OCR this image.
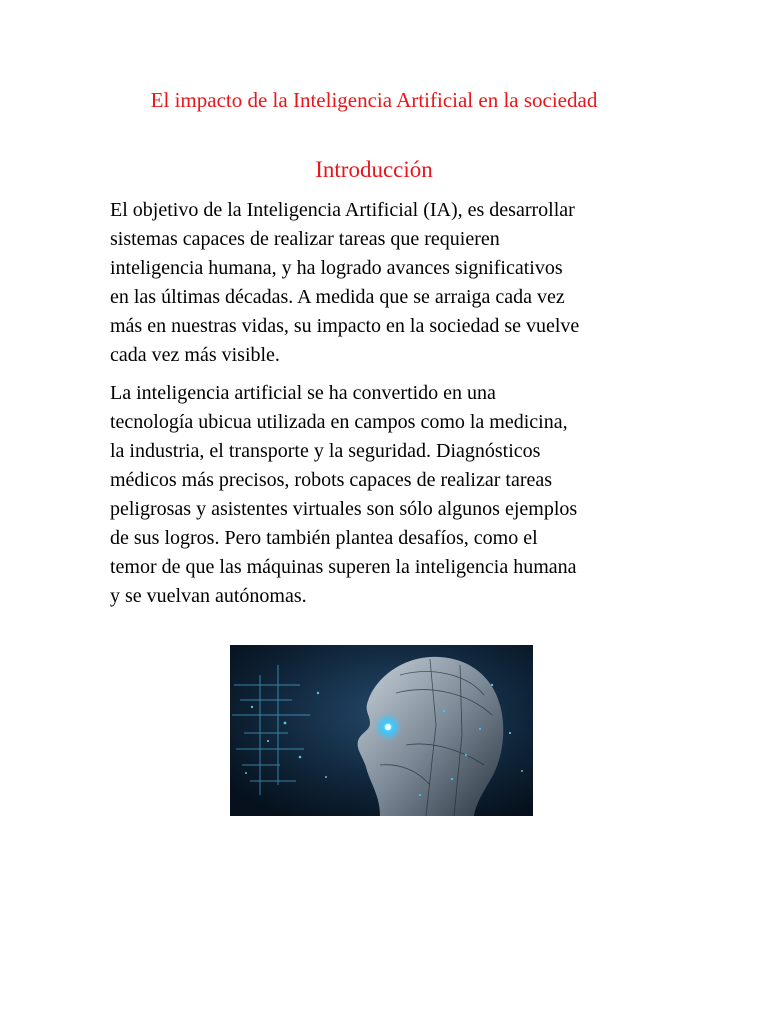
El impacto de la Inteligencia Artificial en la sociedad
Introducción

El objetivo de la Inteligencia Artificial (IA), es desarrollar
sistemas capaces de realizar tareas que requieren
inteligencia humana, y ha logrado avances significativos
en las últimas décadas. A medida que se arraiga cada vez
más en nuestras vidas, su impacto en la sociedad se vuelve
cada vez más visible.

La inteligencia artificial se ha convertido en una
tecnología ubicua utilizada en campos como la medicina,
la industria, el transporte y la seguridad. Diagnósticos
médicos más precisos, robots capaces de realizar tareas
peligrosas y asistentes virtuales son sólo algunos ejemplos
de sus logros. Pero también plantea desafíos, como el
temor de que las máquinas superen la inteligencia humana
y se vuelvan autónomas.
